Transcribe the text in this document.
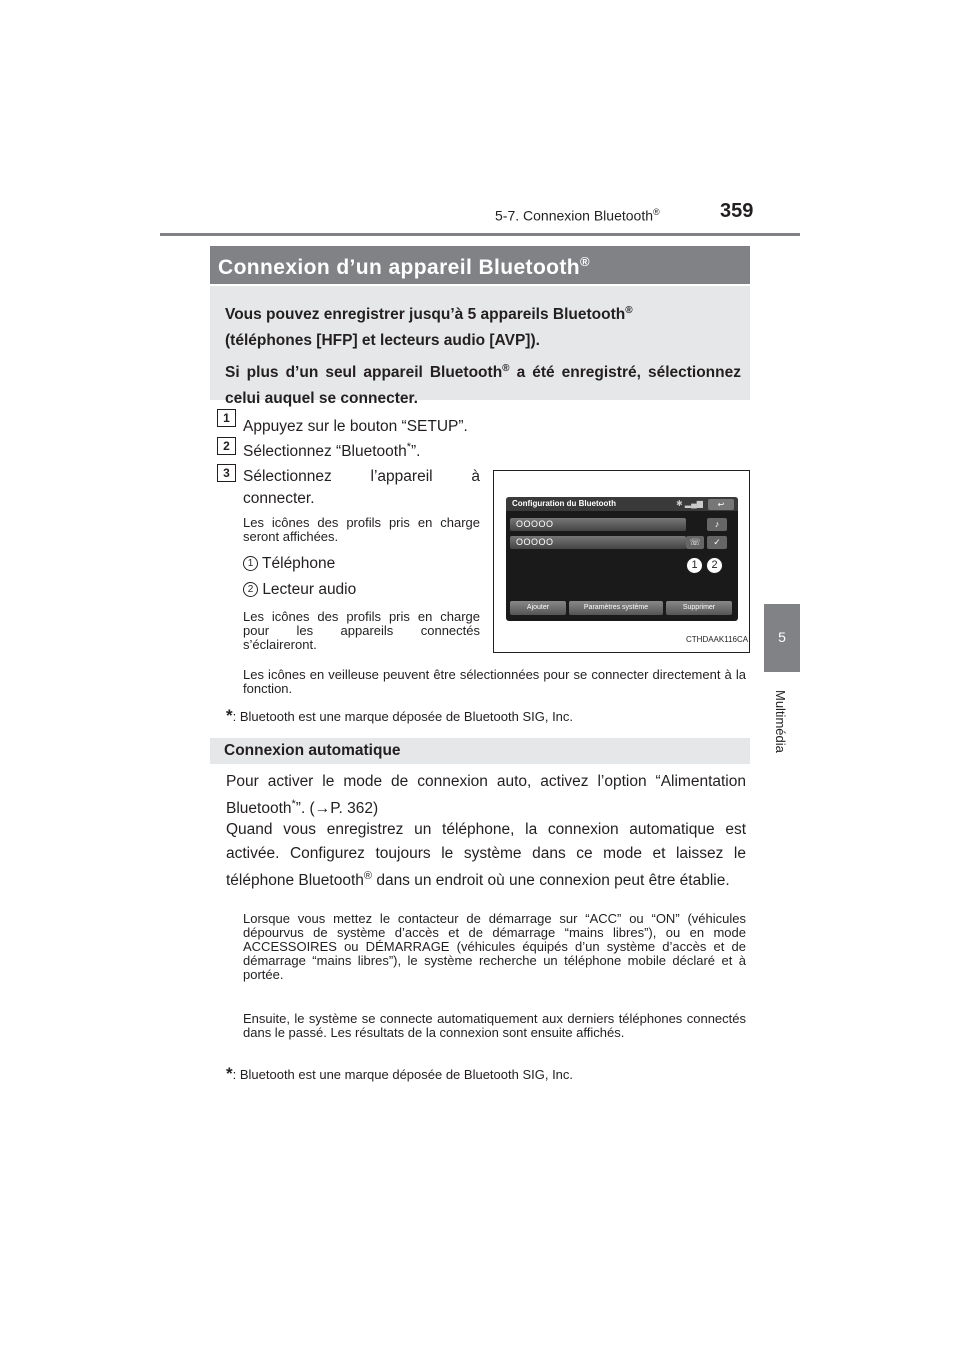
5-7. Connexion Bluetooth®	359
5
Multimédia
Connexion d’un appareil Bluetooth®

Vous pouvez enregistrer jusqu’à 5 appareils Bluetooth®
(téléphones [HFP] et lecteurs audio [AVP]).

Si plus d’un seul appareil Bluetooth® a été enregistré, sélectionnez celui auquel se connecter.

1 Appuyez sur le bouton “SETUP”.
2 Sélectionnez “Bluetooth*”.
3 Sélectionnez l’appareil à connecter.
Les icônes des profils pris en charge seront affichées.
1 Téléphone
2 Lecteur audio
Les icônes des profils pris en charge pour les appareils connectés s’éclaireront.
Les icônes en veilleuse peuvent être sélectionnées pour se connecter directement à la fonction.
*: Bluetooth est une marque déposée de Bluetooth SIG, Inc.
Configuration du Bluetooth	✱ ▂▄▆	↩
OOOOO	♪
OOOOO	☏	✓
1	2
Ajouter	Paramètres système	Supprimer
CTHDAAK116CA
Connexion automatique
Pour activer le mode de connexion auto, activez l’option “Alimentation Bluetooth*”. (→P. 362)
Quand vous enregistrez un téléphone, la connexion automatique est activée. Configurez toujours le système dans ce mode et laissez le téléphone Bluetooth® dans un endroit où une connexion peut être établie.
Lorsque vous mettez le contacteur de démarrage sur “ACC” ou “ON” (véhicules dépourvus de système d’accès et de démarrage “mains libres”), ou en mode ACCESSOIRES ou DÉMARRAGE (véhicules équipés d’un système d’accès et de démarrage “mains libres”), le système recherche un téléphone mobile déclaré et à portée.
Ensuite, le système se connecte automatiquement aux derniers téléphones connectés dans le passé. Les résultats de la connexion sont ensuite affichés.
*: Bluetooth est une marque déposée de Bluetooth SIG, Inc.
